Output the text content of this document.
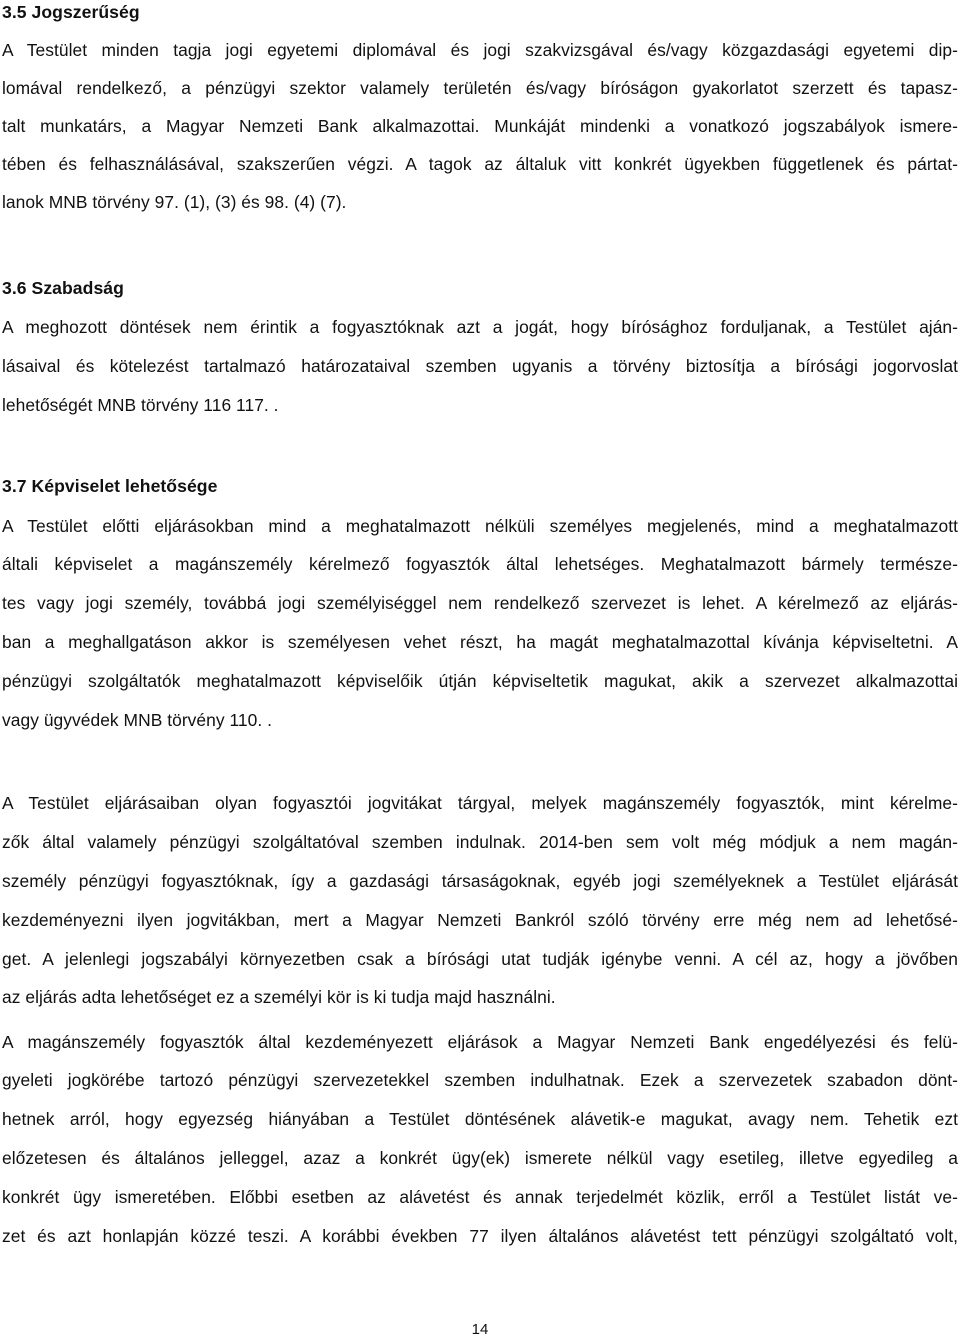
3.5 Jogszerűség
A Testület minden tagja jogi egyetemi diplomával és jogi szakvizsgával és/vagy közgazdasági egyetemi dip-
lomával rendelkező, a pénzügyi szektor valamely területén és/vagy bíróságon gyakorlatot szerzett és tapasz-
talt munkatárs, a Magyar Nemzeti Bank alkalmazottai. Munkáját mindenki a vonatkozó jogszabályok ismere-
tében és felhasználásával, szakszerűen végzi. A tagok az általuk vitt konkrét ügyekben függetlenek és pártat-
lanok MNB törvény 97. (1), (3) és 98. (4) (7).
3.6 Szabadság
A meghozott döntések nem érintik a fogyasztóknak azt a jogát, hogy bírósághoz forduljanak, a Testület aján-
lásaival és kötelezést tartalmazó határozataival szemben ugyanis a törvény biztosítja a bírósági jogorvoslat
lehetőségét MNB törvény 116 117. .
3.7 Képviselet lehetősége
A Testület előtti eljárásokban mind a meghatalmazott nélküli személyes megjelenés, mind a meghatalmazott
általi képviselet a magánszemély kérelmező fogyasztók által lehetséges. Meghatalmazott bármely természe-
tes vagy jogi személy, továbbá jogi személyiséggel nem rendelkező szervezet is lehet. A kérelmező az eljárás-
ban a meghallgatáson akkor is személyesen vehet részt, ha magát meghatalmazottal kívánja képviseltetni. A
pénzügyi szolgáltatók meghatalmazott képviselőik útján képviseltetik magukat, akik a szervezet alkalmazottai
vagy ügyvédek MNB törvény 110. .
A Testület eljárásaiban olyan fogyasztói jogvitákat tárgyal, melyek magánszemély fogyasztók, mint kérelme-
zők által valamely pénzügyi szolgáltatóval szemben indulnak. 2014-ben sem volt még módjuk a nem magán-
személy pénzügyi fogyasztóknak, így a gazdasági társaságoknak, egyéb jogi személyeknek a Testület eljárását
kezdeményezni ilyen jogvitákban, mert a Magyar Nemzeti Bankról szóló törvény erre még nem ad lehetősé-
get. A jelenlegi jogszabályi környezetben csak a bírósági utat tudják igénybe venni. A cél az, hogy a jövőben
az eljárás adta lehetőséget ez a személyi kör is ki tudja majd használni.
A magánszemély fogyasztók által kezdeményezett eljárások a Magyar Nemzeti Bank engedélyezési és felü-
gyeleti jogkörébe tartozó pénzügyi szervezetekkel szemben indulhatnak. Ezek a szervezetek szabadon dönt-
hetnek arról, hogy egyezség hiányában a Testület döntésének alávetik-e magukat, avagy nem. Tehetik ezt
előzetesen és általános jelleggel, azaz a konkrét ügy(ek) ismerete nélkül vagy esetileg, illetve egyedileg a
konkrét ügy ismeretében. Előbbi esetben az alávetést és annak terjedelmét közlik, erről a Testület listát ve-
zet és azt honlapján közzé teszi. A korábbi években 77 ilyen általános alávetést tett pénzügyi szolgáltató volt,
14
